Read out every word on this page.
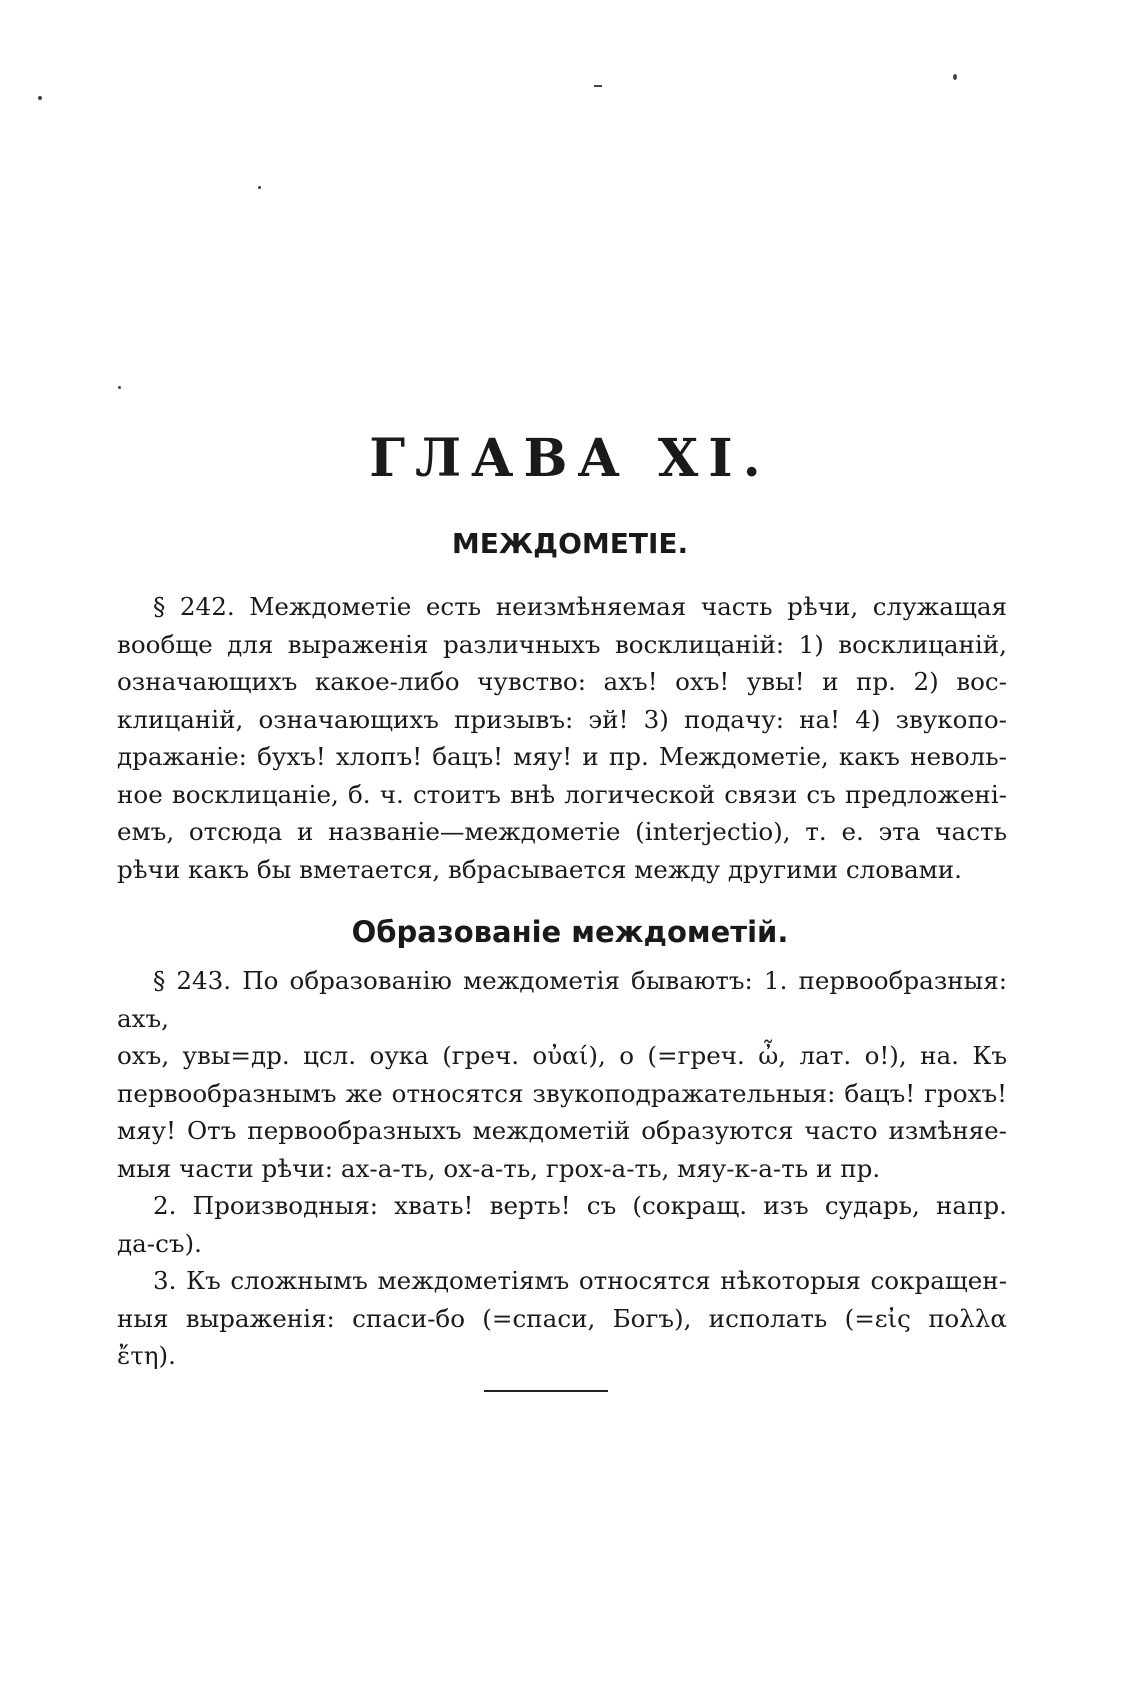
ГЛАВА XI.
МЕЖДОМЕТІЕ.

§ 242. Междометіе есть неизмѣняемая часть рѣчи, служащая

вообще для выраженія различныхъ восклицаній: 1) восклицаній,

означающихъ какое-либо чувство: ахъ! охъ! увы! и пр. 2) вос-

клицаній, означающихъ призывъ: эй! 3) подачу: на! 4) звукопо-

дражаніе: бухъ! хлопъ! бацъ! мяу! и пр. Междометіе, какъ неволь-

ное восклицаніе, б. ч. стоитъ внѣ логической связи съ предложені-

емъ, отсюда и названіе—междометіе (interjectio), т. е. эта часть

рѣчи какъ бы вметается, вбрасывается между другими словами.

Образованіе междометій.

§ 243. По образованію междометія бываютъ: 1. первообразныя: ахъ,

охъ, увы=др. цсл. оука (греч. οὐαί), о (=греч. ὦ, лат. о!), на. Къ

первообразнымъ же относятся звукоподражательныя: бацъ! грохъ!

мяу! Отъ первообразныхъ междометій образуются часто измѣняе-

мыя части рѣчи: ах-а-ть, ох-а-ть, грох-а-ть, мяу-к-а-ть и пр.

2. Производныя: хвать! верть! съ (сокращ. изъ сударь, напр.

да-съ).

3. Къ сложнымъ междометіямъ относятся нѣкоторыя сокращен-

ныя выраженія: спаси-бо (=спаси, Богъ), исполать (=εἰς πολλα

ἔτη).
